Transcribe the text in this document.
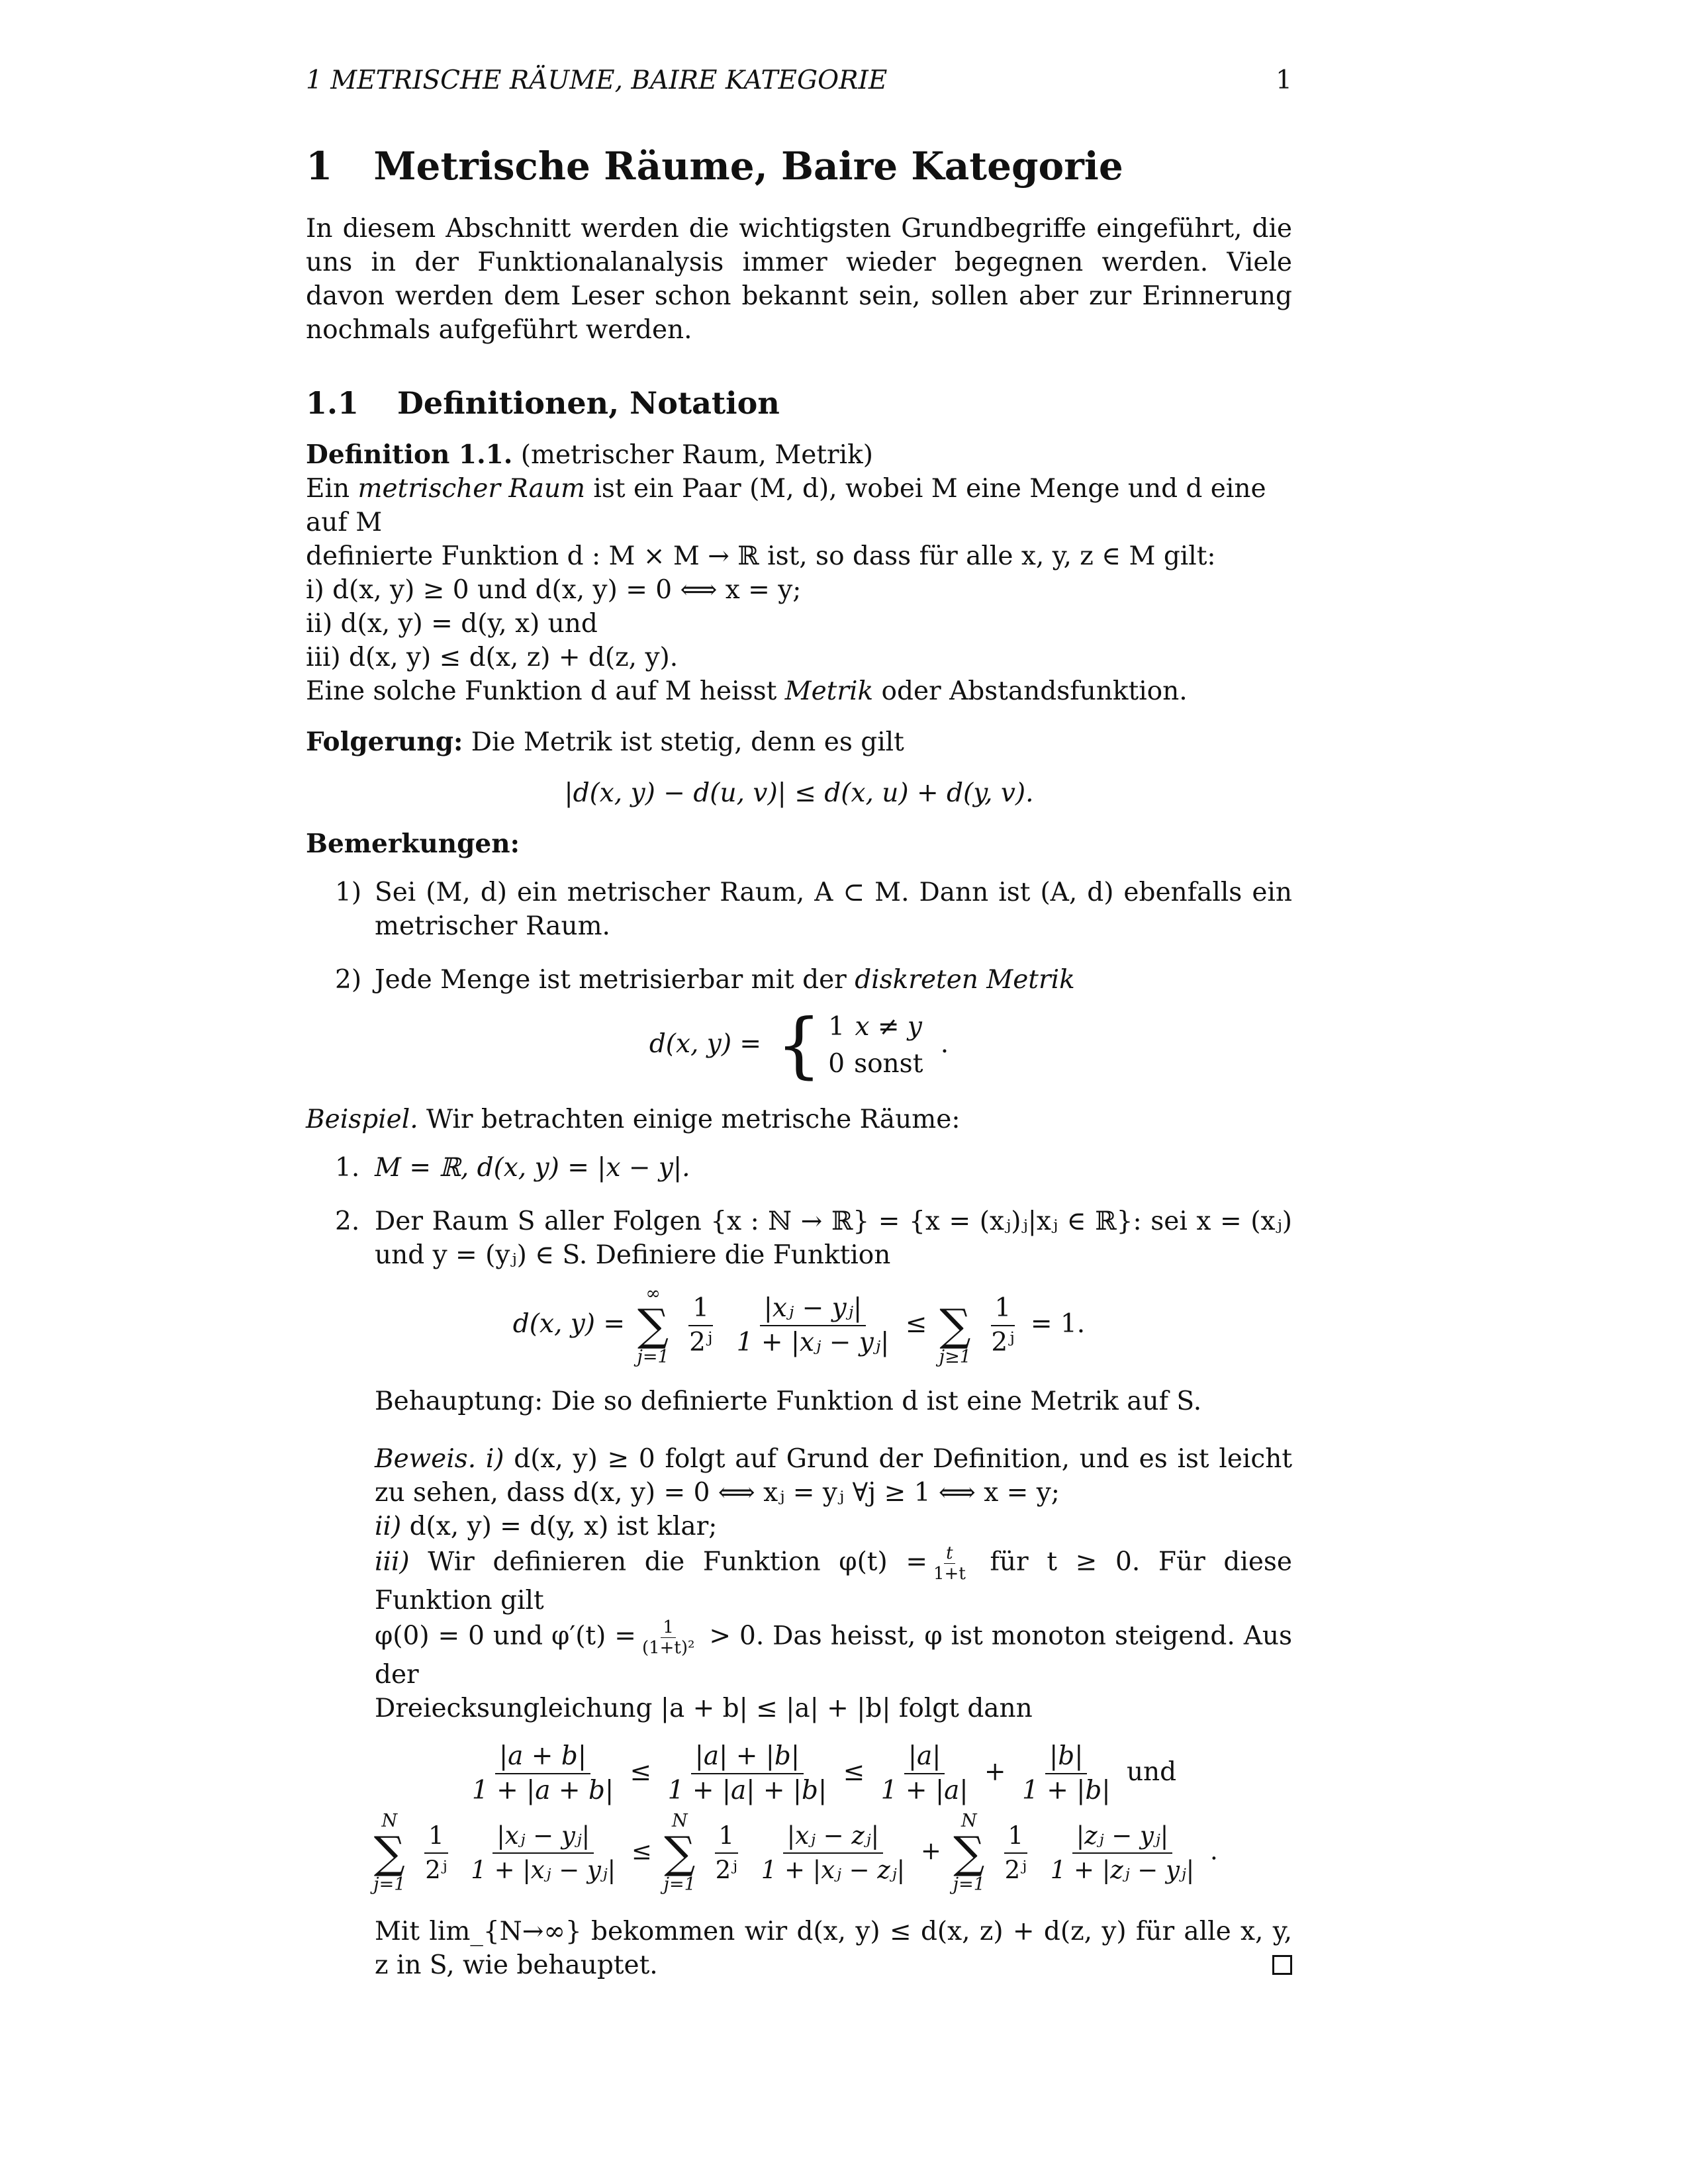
1 METRISCHE RÄUME, BAIRE KATEGORIE	1
1 Metrische Räume, Baire Kategorie

In diesem Abschnitt werden die wichtigsten Grundbegriffe eingeführt, die uns in der Funktionalanalysis immer wieder begegnen werden. Viele davon werden dem Leser schon bekannt sein, sollen aber zur Erinnerung nochmals aufgeführt werden.

1.1 Definitionen, Notation

Definition 1.1. (metrischer Raum, Metrik)

Ein metrischer Raum ist ein Paar (M, d), wobei M eine Menge und d eine auf M

definierte Funktion d : M × M → ℝ ist, so dass für alle x, y, z ∈ M gilt:

i) d(x, y) ≥ 0 und d(x, y) = 0 ⟺ x = y;

ii) d(x, y) = d(y, x) und

iii) d(x, y) ≤ d(x, z) + d(z, y).

Eine solche Funktion d auf M heisst Metrik oder Abstandsfunktion.

Folgerung: Die Metrik ist stetig, denn es gilt

|d(x, y) − d(u, v)| ≤ d(x, u) + d(y, v).

Bemerkungen:

1) Sei (M, d) ein metrischer Raum, A ⊂ M. Dann ist (A, d) ebenfalls ein metrischer Raum.
2) Jede Menge ist metrisierbar mit der diskreten Metrik
d(x, y) = { 1	x ≠ y
0	sonst
.

Beispiel. Wir betrachten einige metrische Räume:

1. M = ℝ, d(x, y) = |x − y|.
2. Der Raum S aller Folgen {x : ℕ → ℝ} = {x = (xⱼ)ⱼ|xⱼ ∈ ℝ}: sei x = (xⱼ) und y = (yⱼ) ∈ S. Definiere die Funktion
d(x, y) =
∞
∑
j=1
$\frac{1}{\text{2ʲ}}$
$\frac{\text{|xⱼ − yⱼ|}}{\text{1 + |xⱼ − yⱼ|}}$ ≤ ∑
j≥1
$\frac{1}{\text{2ʲ}} = 1$.

Behauptung: Die so definierte Funktion d ist eine Metrik auf S.

Beweis. i) d(x, y) ≥ 0 folgt auf Grund der Definition, und es ist leicht zu sehen, dass d(x, y) = 0 ⟺ xⱼ = yⱼ ∀j ≥ 1 ⟺ x = y;

ii) d(x, y) = d(y, x) ist klar;

iii) Wir definieren die Funktion $\varphi(t) = \frac{t}{1+t}$ für t ≥ 0. Für diese Funktion gilt

φ(0) = 0 und $\varphi'(t) = \frac{1}{\text{(1+t)²}} > 0$. Das heisst, φ ist monoton steigend. Aus der

Dreiecksungleichung |a + b| ≤ |a| + |b| folgt dann

$\frac{|a + b|}{1 + |a + b|} \le \frac{|a| + |b|}{1 + |a| + |b|} \le \frac{|a|}{1 + |a|} + \frac{|b|}{1 + |b|}$ und
N
∑
j=1
$\frac{1}{\text{2ʲ}}$
$\frac{\text{|xⱼ − yⱼ|}}{\text{1 + |xⱼ − yⱼ|}}$ ≤
N
∑
j=1
$\frac{1}{\text{2ʲ}}$
$\frac{\text{|xⱼ − zⱼ|}}{\text{1 + |xⱼ − zⱼ|}}$ +
N
∑
j=1
$\frac{1}{\text{2ʲ}}$
$\frac{\text{|zⱼ − yⱼ|}}{\text{1 + |zⱼ − yⱼ|}}$ .

Mit lim_{N→∞} bekommen wir d(x, y) ≤ d(x, z) + d(z, y) für alle x, y, z in S, wie behauptet.
